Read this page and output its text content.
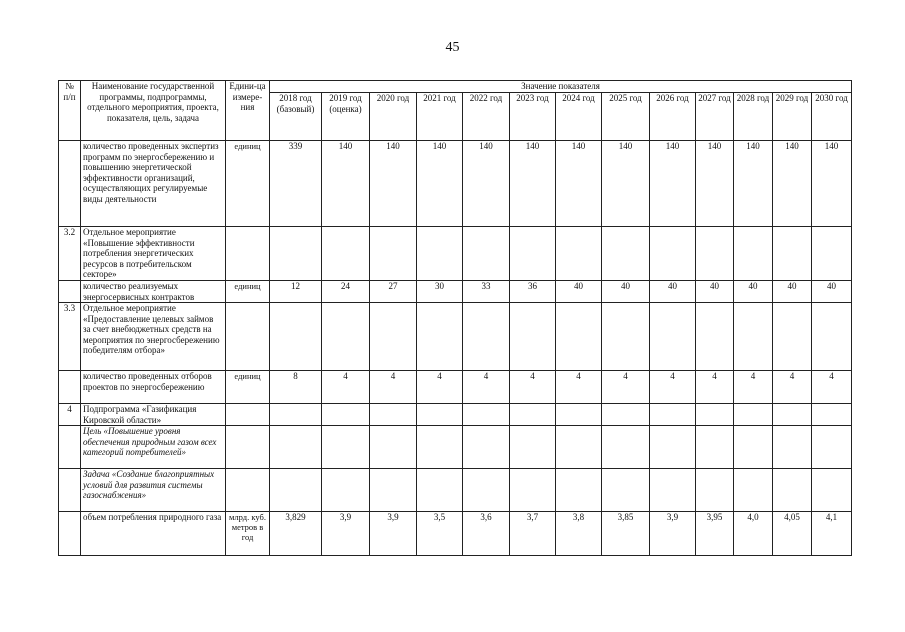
45
№ п/п	Наименование государственной программы, подпрограммы, отдельного мероприятия, проекта, показателя, цель, задача	Едини-ца измере-ния	Значение показателя												
			2018 год (базовый)	2019 год (оценка)	2020 год	2021 год	2022 год	2023 год	2024 год	2025 год	2026 год	2027 год	2028 год	2029 год	2030 год
	количество проведенных экспертиз программ по энергосбережению и повышению энергетической эффективности организаций, осуществляющих регулируемые виды деятельности	единиц	339	140	140	140	140	140	140	140	140	140	140	140	140
3.2	Отдельное мероприятие «Повышение эффективности потребления энергетических ресурсов в потребительском секторе»														
	количество реализуемых энергосервисных контрактов	единиц	12	24	27	30	33	36	40	40	40	40	40	40	40
3.3	Отдельное мероприятие «Предоставление целевых займов за счет внебюджетных средств на мероприятия по энергосбережению победителям отбора»														
	количество проведенных отборов проектов по энергосбережению	единиц	8	4	4	4	4	4	4	4	4	4	4	4	4
4	Подпрограмма «Газификация Кировской области»														
	Цель «Повышение уровня обеспечения природным газом всех категорий потребителей»														
	Задача «Создание благоприятных условий для развития системы газоснабжения»														
	объем потребления природного газа	млрд. куб. метров в год	3,829	3,9	3,9	3,5	3,6	3,7	3,8	3,85	3,9	3,95	4,0	4,05	4,1
